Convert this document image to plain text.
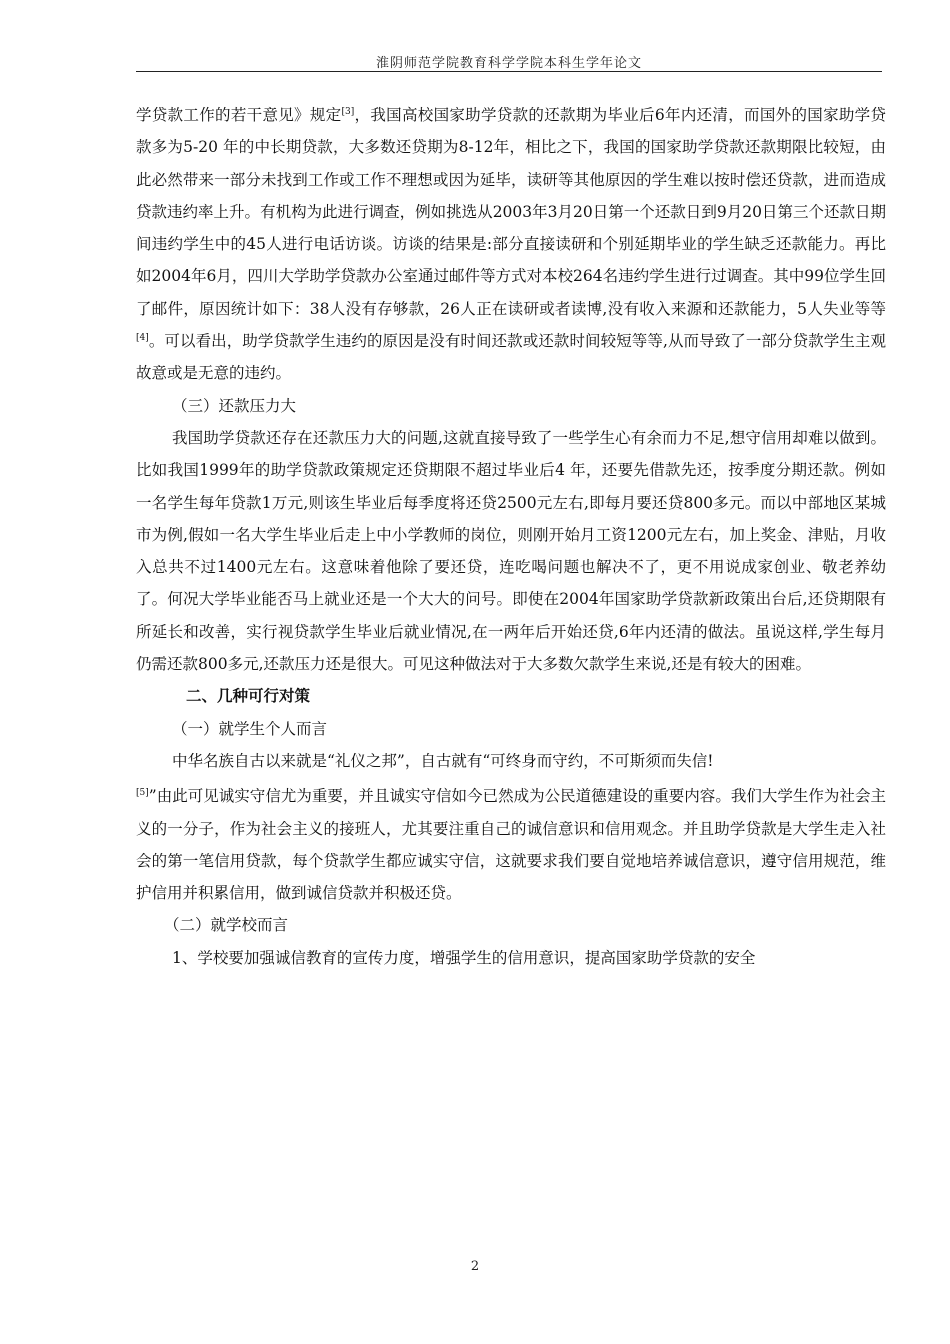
淮阴师范学院教育科学学院本科生学年论文

学贷款工作的若干意见》规定[3]，我国高校国家助学贷款的还款期为毕业后6年内还清，而国外的国家助学贷款多为5-20 年的中长期贷款，大多数还贷期为8-12年，相比之下，我国的国家助学贷款还款期限比较短，由此必然带来一部分未找到工作或工作不理想或因为延毕，读研等其他原因的学生难以按时偿还贷款，进而造成贷款违约率上升。有机构为此进行调查，例如挑选从2003年3月20日第一个还款日到9月20日第三个还款日期间违约学生中的45人进行电话访谈。访谈的结果是:部分直接读研和个别延期毕业的学生缺乏还款能力。再比如2004年6月，四川大学助学贷款办公室通过邮件等方式对本校264名违约学生进行过调查。其中99位学生回了邮件，原因统计如下：38人没有存够款，26人正在读研或者读博,没有收入来源和还款能力，5人失业等等[4]。可以看出，助学贷款学生违约的原因是没有时间还款或还款时间较短等等,从而导致了一部分贷款学生主观故意或是无意的违约。

（三）还款压力大

我国助学贷款还存在还款压力大的问题,这就直接导致了一些学生心有余而力不足,想守信用却难以做到。比如我国1999年的助学贷款政策规定还贷期限不超过毕业后4 年，还要先借款先还，按季度分期还款。例如一名学生每年贷款1万元,则该生毕业后每季度将还贷2500元左右,即每月要还贷800多元。而以中部地区某城市为例,假如一名大学生毕业后走上中小学教师的岗位，则刚开始月工资1200元左右，加上奖金、津贴，月收入总共不过1400元左右。这意味着他除了要还贷，连吃喝问题也解决不了，更不用说成家创业、敬老养幼了。何况大学毕业能否马上就业还是一个大大的问号。即使在2004年国家助学贷款新政策出台后,还贷期限有所延长和改善，实行视贷款学生毕业后就业情况,在一两年后开始还贷,6年内还清的做法。虽说这样,学生每月仍需还款800多元,还款压力还是很大。可见这种做法对于大多数欠款学生来说,还是有较大的困难。

二、几种可行对策

（一）就学生个人而言

中华名族自古以来就是“礼仪之邦”，自古就有“可终身而守约，不可斯须而失信!
[5]”由此可见诚实守信尤为重要，并且诚实守信如今已然成为公民道德建设的重要内容。我们大学生作为社会主义的一分子，作为社会主义的接班人，尤其要注重自己的诚信意识和信用观念。并且助学贷款是大学生走入社会的第一笔信用贷款，每个贷款学生都应诚实守信，这就要求我们要自觉地培养诚信意识，遵守信用规范，维护信用并积累信用，做到诚信贷款并积极还贷。

（二）就学校而言

1、学校要加强诚信教育的宣传力度，增强学生的信用意识，提高国家助学贷款的安全

2
